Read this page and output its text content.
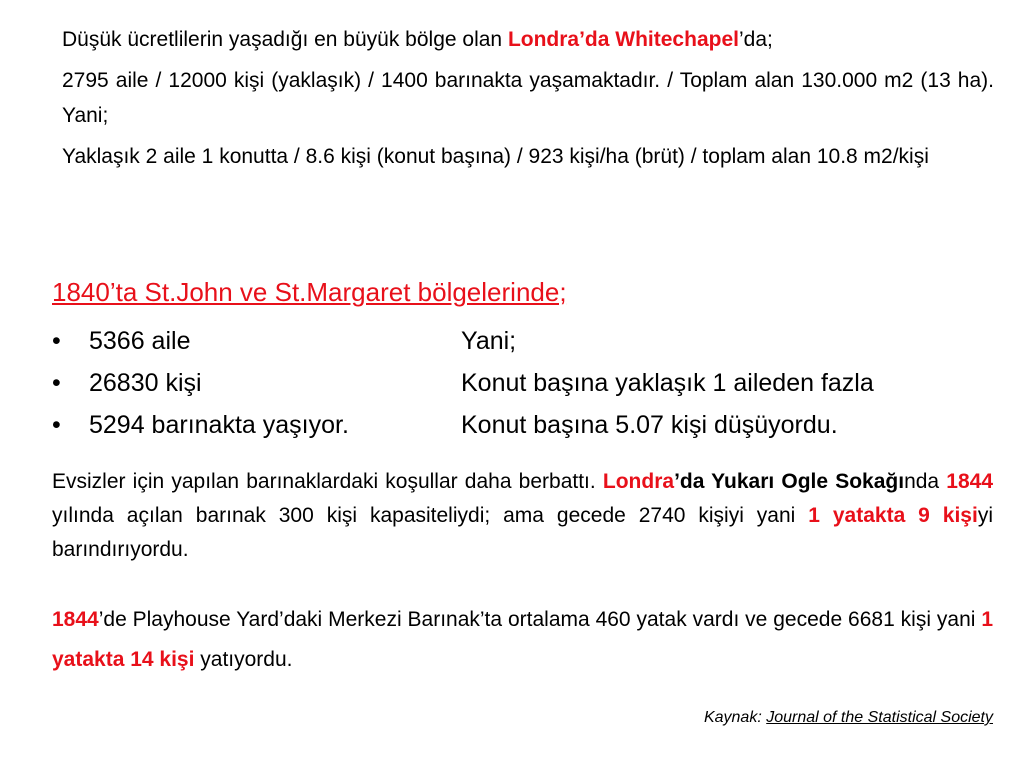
Düşük ücretlilerin yaşadığı en büyük bölge olan Londra’da Whitechapel’da;

2795 aile / 12000 kişi (yaklaşık) / 1400 barınakta yaşamaktadır. / Toplam alan 130.000 m2 (13 ha). Yani;

Yaklaşık 2 aile 1 konutta / 8.6 kişi (konut başına) / 923 kişi/ha (brüt) / toplam alan 10.8 m2/kişi

1840’ta St.John ve St.Margaret bölgelerinde;
• 5366 aile	Yani;
• 26830 kişi	Konut başına yaklaşık 1 aileden fazla
• 5294 barınakta yaşıyor.	Konut başına 5.07 kişi düşüyordu.

Evsizler için yapılan barınaklardaki koşullar daha berbattı. Londra’da Yukarı Ogle Sokağında 1844 yılında açılan barınak 300 kişi kapasiteliydi; ama gecede 2740 kişiyi yani 1 yatakta 9 kişiyi barındırıyordu.

1844’de Playhouse Yard’daki Merkezi Barınak’ta ortalama 460 yatak vardı ve gecede 6681 kişi yani 1 yatakta 14 kişi yatıyordu.

Kaynak: Journal of the Statistical Society
